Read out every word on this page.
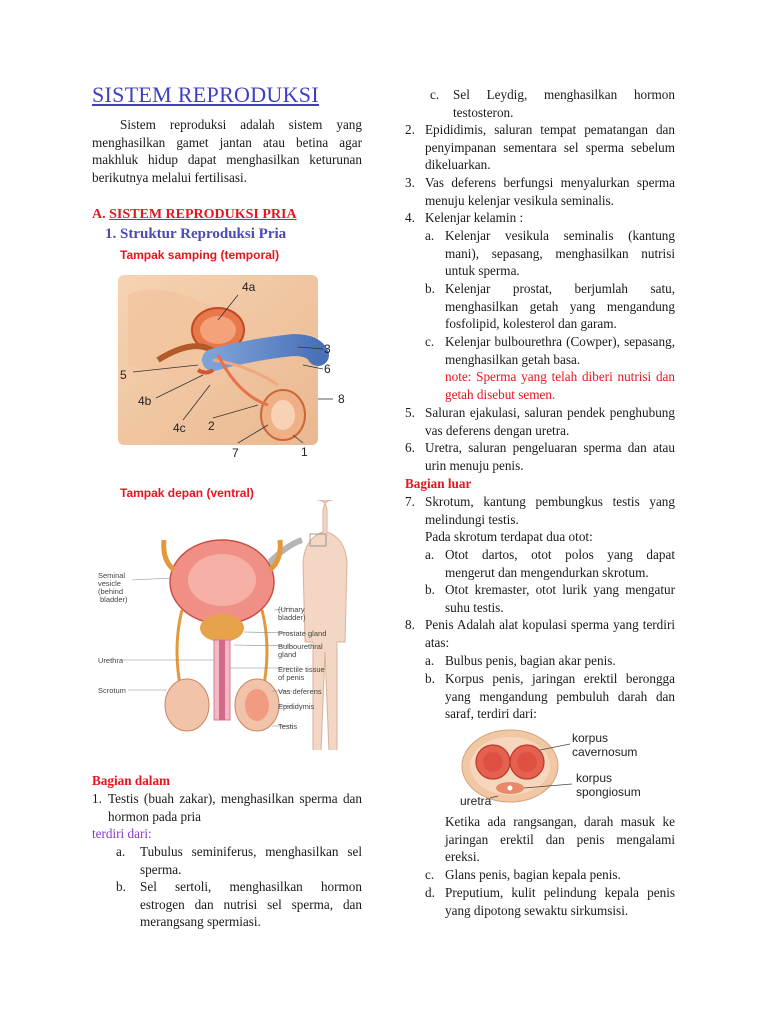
SISTEM REPRODUKSI
Sistem reproduksi adalah sistem yang menghasilkan gamet jantan atau betina agar makhluk hidup dapat menghasilkan keturunan berikutnya melalui fertilisasi.
A. SISTEM REPRODUKSI PRIA
1. Struktur Reproduksi Pria
Tampak samping (temporal)
4a
3
5	6
4b	8
4c 2
7	1
Tampak depan (ventral)
Seminal
vesicle
(behind
bladder)
Urethra
Scrotum
(Urinary
bladder)
Prostate gland
Bulbourethral
gland
Erectile tissue
of penis
Vas deferens
Epididymis
Testis
Bagian dalam
1. Testis (buah zakar), menghasilkan sperma dan hormon pada pria
terdiri dari:
a. Tubulus seminiferus, menghasilkan sel sperma.
b. Sel sertoli, menghasilkan hormon estrogen dan nutrisi sel sperma, dan merangsang spermiasi.
c. Sel Leydig, menghasilkan hormon testosteron.
2. Epididimis, saluran tempat pematangan dan penyimpanan sementara sel sperma sebelum dikeluarkan.
3. Vas deferens berfungsi menyalurkan sperma menuju kelenjar vesikula seminalis.
4. Kelenjar kelamin :
a. Kelenjar vesikula seminalis (kantung mani), sepasang, menghasilkan nutrisi untuk sperma.
b. Kelenjar prostat, berjumlah satu, menghasilkan getah yang mengandung fosfolipid, kolesterol dan garam.
c. Kelenjar bulbourethra (Cowper), sepasang, menghasilkan getah basa.
note: Sperma yang telah diberi nutrisi dan getah disebut semen.
5. Saluran ejakulasi, saluran pendek penghubung vas deferens dengan uretra.
6. Uretra, saluran pengeluaran sperma dan atau urin menuju penis.
Bagian luar
7. Skrotum, kantung pembungkus testis yang melindungi testis.
Pada skrotum terdapat dua otot:
a. Otot dartos, otot polos yang dapat mengerut dan mengendurkan skrotum.
b. Otot kremaster, otot lurik yang mengatur suhu testis.
8. Penis Adalah alat kopulasi sperma yang terdiri atas:
a. Bulbus penis, bagian akar penis.
b. Korpus penis, jaringan erektil berongga yang mengandung pembuluh darah dan saraf, terdiri dari:
korpus
cavernosum
korpus
spongiosum
uretra
Ketika ada rangsangan, darah masuk ke jaringan erektil dan penis mengalami ereksi.
c. Glans penis, bagian kepala penis.
d. Preputium, kulit pelindung kepala penis yang dipotong sewaktu sirkumsisi.
